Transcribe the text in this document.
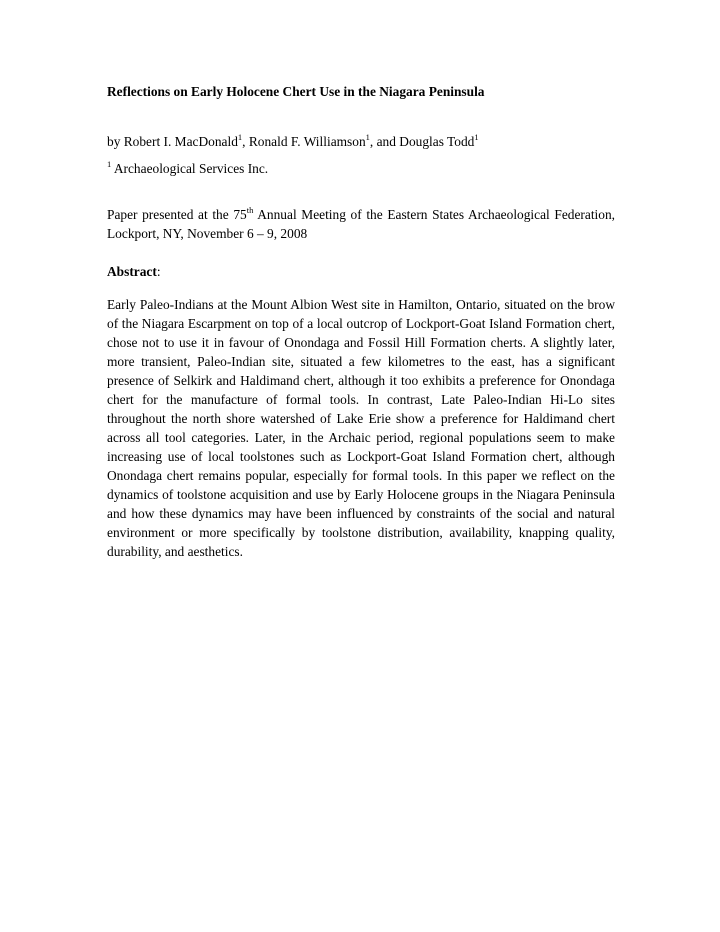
Reflections on Early Holocene Chert Use in the Niagara Peninsula

by Robert I. MacDonald$^1$, Ronald F. Williamson$^1$, and Douglas Todd$^1$

$^1$ Archaeological Services Inc.

Paper presented at the 75th Annual Meeting of the Eastern States Archaeological Federation, Lockport, NY, November 6 – 9, 2008

Abstract:

Early Paleo-Indians at the Mount Albion West site in Hamilton, Ontario, situated on the brow of the Niagara Escarpment on top of a local outcrop of Lockport-Goat Island Formation chert, chose not to use it in favour of Onondaga and Fossil Hill Formation cherts. A slightly later, more transient, Paleo-Indian site, situated a few kilometres to the east, has a significant presence of Selkirk and Haldimand chert, although it too exhibits a preference for Onondaga chert for the manufacture of formal tools. In contrast, Late Paleo-Indian Hi-Lo sites throughout the north shore watershed of Lake Erie show a preference for Haldimand chert across all tool categories. Later, in the Archaic period, regional populations seem to make increasing use of local toolstones such as Lockport-Goat Island Formation chert, although Onondaga chert remains popular, especially for formal tools. In this paper we reflect on the dynamics of toolstone acquisition and use by Early Holocene groups in the Niagara Peninsula and how these dynamics may have been influenced by constraints of the social and natural environment or more specifically by toolstone distribution, availability, knapping quality, durability, and aesthetics.
